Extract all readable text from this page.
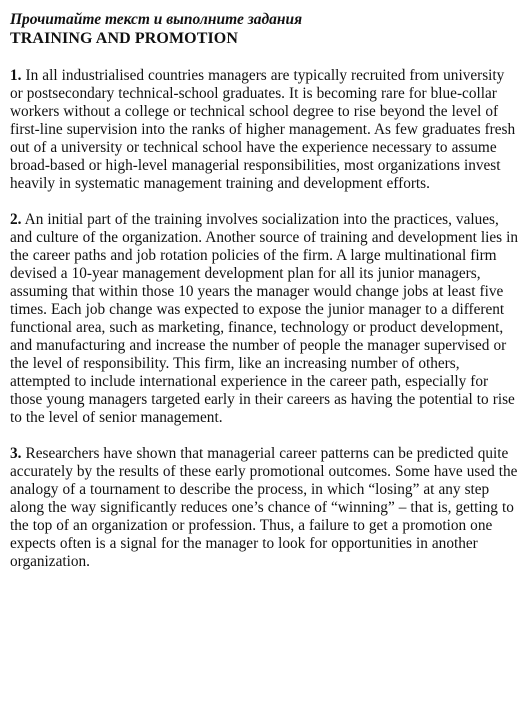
Прочитайте текст и выполните задания

TRAINING AND PROMOTION

1. In all industrialised countries managers are typically recruited from university or postsecondary technical-school graduates. It is becoming rare for blue-collar workers without a college or technical school degree to rise beyond the level of first-line supervision into the ranks of higher management. As few graduates fresh out of a university or technical school have the experience necessary to assume broad-based or high-level managerial responsibilities, most organizations invest heavily in systematic management training and development efforts.

2. An initial part of the training involves socialization into the practices, values, and culture of the organization. Another source of training and development lies in the career paths and job rotation policies of the firm. A large multinational firm devised a 10-year management development plan for all its junior managers, assuming that within those 10 years the manager would change jobs at least five times. Each job change was expected to expose the junior manager to a different functional area, such as marketing, finance, technology or product development, and manufacturing and increase the number of people the manager supervised or the level of responsibility. This firm, like an increasing number of others, attempted to include international experience in the career path, especially for those young managers targeted early in their careers as having the potential to rise to the level of senior management.

3. Researchers have shown that managerial career patterns can be predicted quite accurately by the results of these early promotional outcomes. Some have used the analogy of a tournament to describe the process, in which “losing” at any step along the way significantly reduces one’s chance of “winning” – that is, getting to the top of an organization or profession. Thus, a failure to get a promotion one expects often is a signal for the manager to look for opportunities in another organization.
